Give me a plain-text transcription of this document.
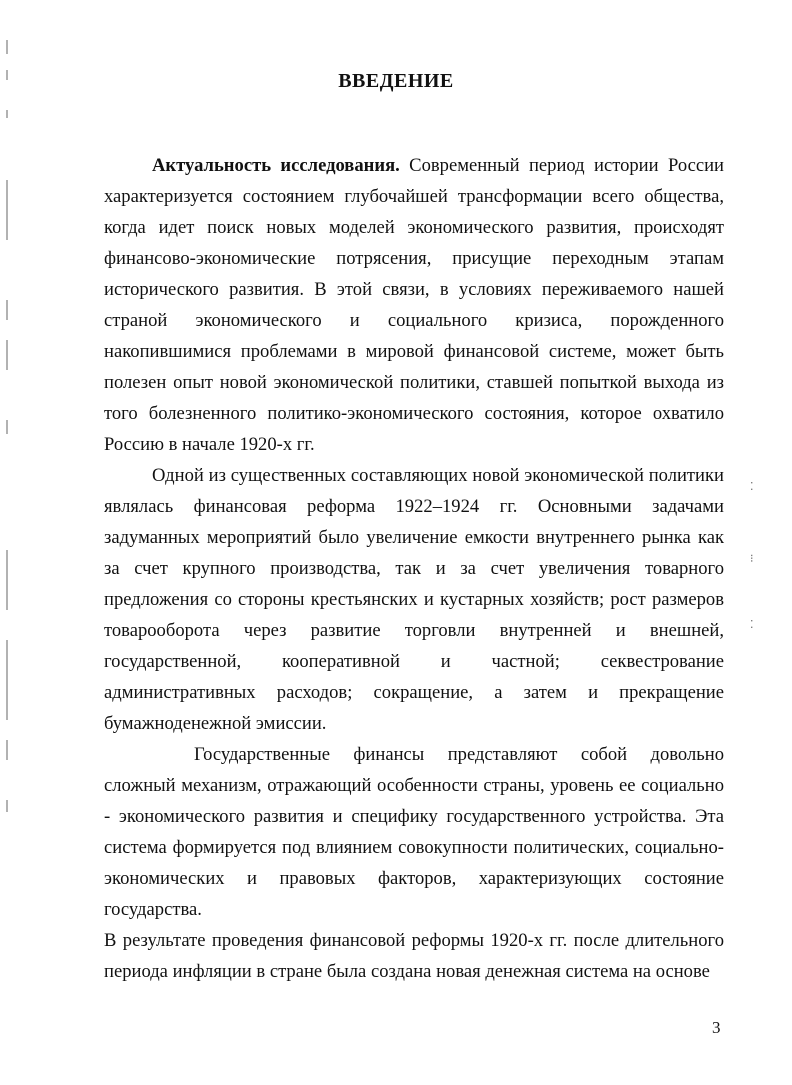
⁚
⁝
⁚
ВВЕДЕНИЕ

Актуальность исследования. Современный период истории России характеризуется состоянием глубочайшей трансформации всего общества, когда идет поиск новых моделей экономического развития, происходят финансово-экономические потрясения, присущие переходным этапам исторического развития. В этой связи, в условиях переживаемого нашей страной экономического и социального кризиса, порожденного накопившимися проблемами в мировой финансовой системе, может быть полезен опыт новой экономической политики, ставшей попыткой выхода из того болезненного политико-экономического состояния, которое охватило Россию в начале 1920-х гг.

Одной из существенных составляющих новой экономической политики являлась финансовая реформа 1922–1924 гг. Основными задачами задуманных мероприятий было увеличение емкости внутреннего рынка как за счет крупного производства, так и за счет увеличения товарного предложения со стороны крестьянских и кустарных хозяйств; рост размеров товарооборота через развитие торговли внутренней и внешней, государственной, кооперативной и частной; секвестрование административных расходов; сокращение, а затем и прекращение бумажноденежной эмиссии.

Государственные финансы представляют собой довольно сложный механизм, отражающий особенности страны, уровень ее социально - экономического развития и специфику государственного устройства. Эта система формируется под влиянием совокупности политических, социально-экономических и правовых факторов, характеризующих состояние государства.

В результате проведения финансовой реформы 1920-х гг. после длительного периода инфляции в стране была создана новая денежная система на основе

3
